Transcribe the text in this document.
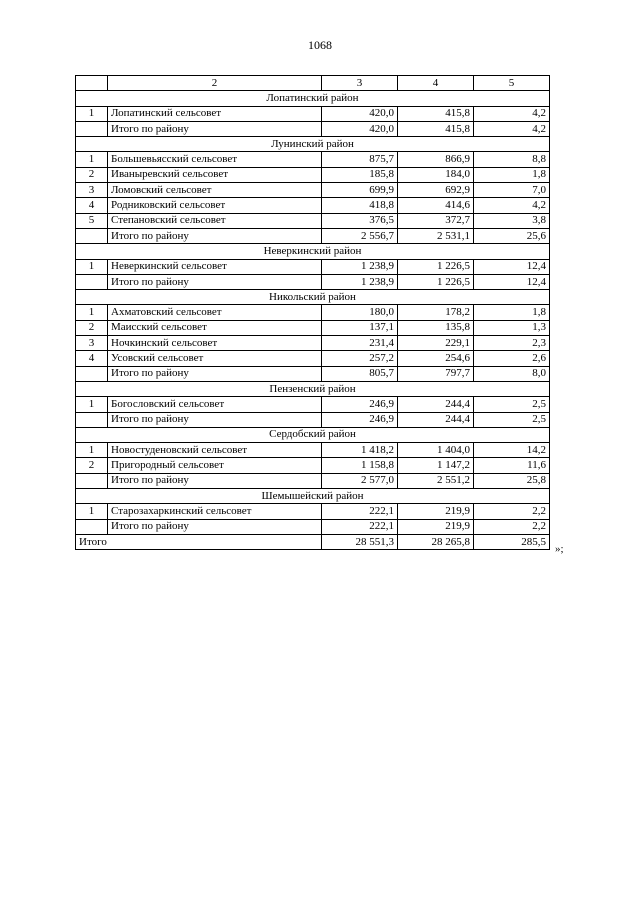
1068
	2	3	4	5
Лопатинский район				
1	Лопатинский сельсовет	420,0	415,8	4,2
	Итого по району	420,0	415,8	4,2
Лунинский район				
1	Большевьясский сельсовет	875,7	866,9	8,8
2	Иваныревский сельсовет	185,8	184,0	1,8
3	Ломовский сельсовет	699,9	692,9	7,0
4	Родниковский сельсовет	418,8	414,6	4,2
5	Степановский сельсовет	376,5	372,7	3,8
	Итого по району	2 556,7	2 531,1	25,6
Неверкинский район				
1	Неверкинский сельсовет	1 238,9	1 226,5	12,4
	Итого по району	1 238,9	1 226,5	12,4
Никольский район				
1	Ахматовский сельсовет	180,0	178,2	1,8
2	Маисский сельсовет	137,1	135,8	1,3
3	Ночкинский сельсовет	231,4	229,1	2,3
4	Усовский сельсовет	257,2	254,6	2,6
	Итого по району	805,7	797,7	8,0
Пензенский район				
1	Богословский сельсовет	246,9	244,4	2,5
	Итого по району	246,9	244,4	2,5
Сердобский район				
1	Новостуденовский сельсовет	1 418,2	1 404,0	14,2
2	Пригородный сельсовет	1 158,8	1 147,2	11,6
	Итого по району	2 577,0	2 551,2	25,8
Шемышейский район				
1	Старозахаркинский сельсовет	222,1	219,9	2,2
	Итого по району	222,1	219,9	2,2
Итого		28 551,3	28 265,8	285,5
»;
